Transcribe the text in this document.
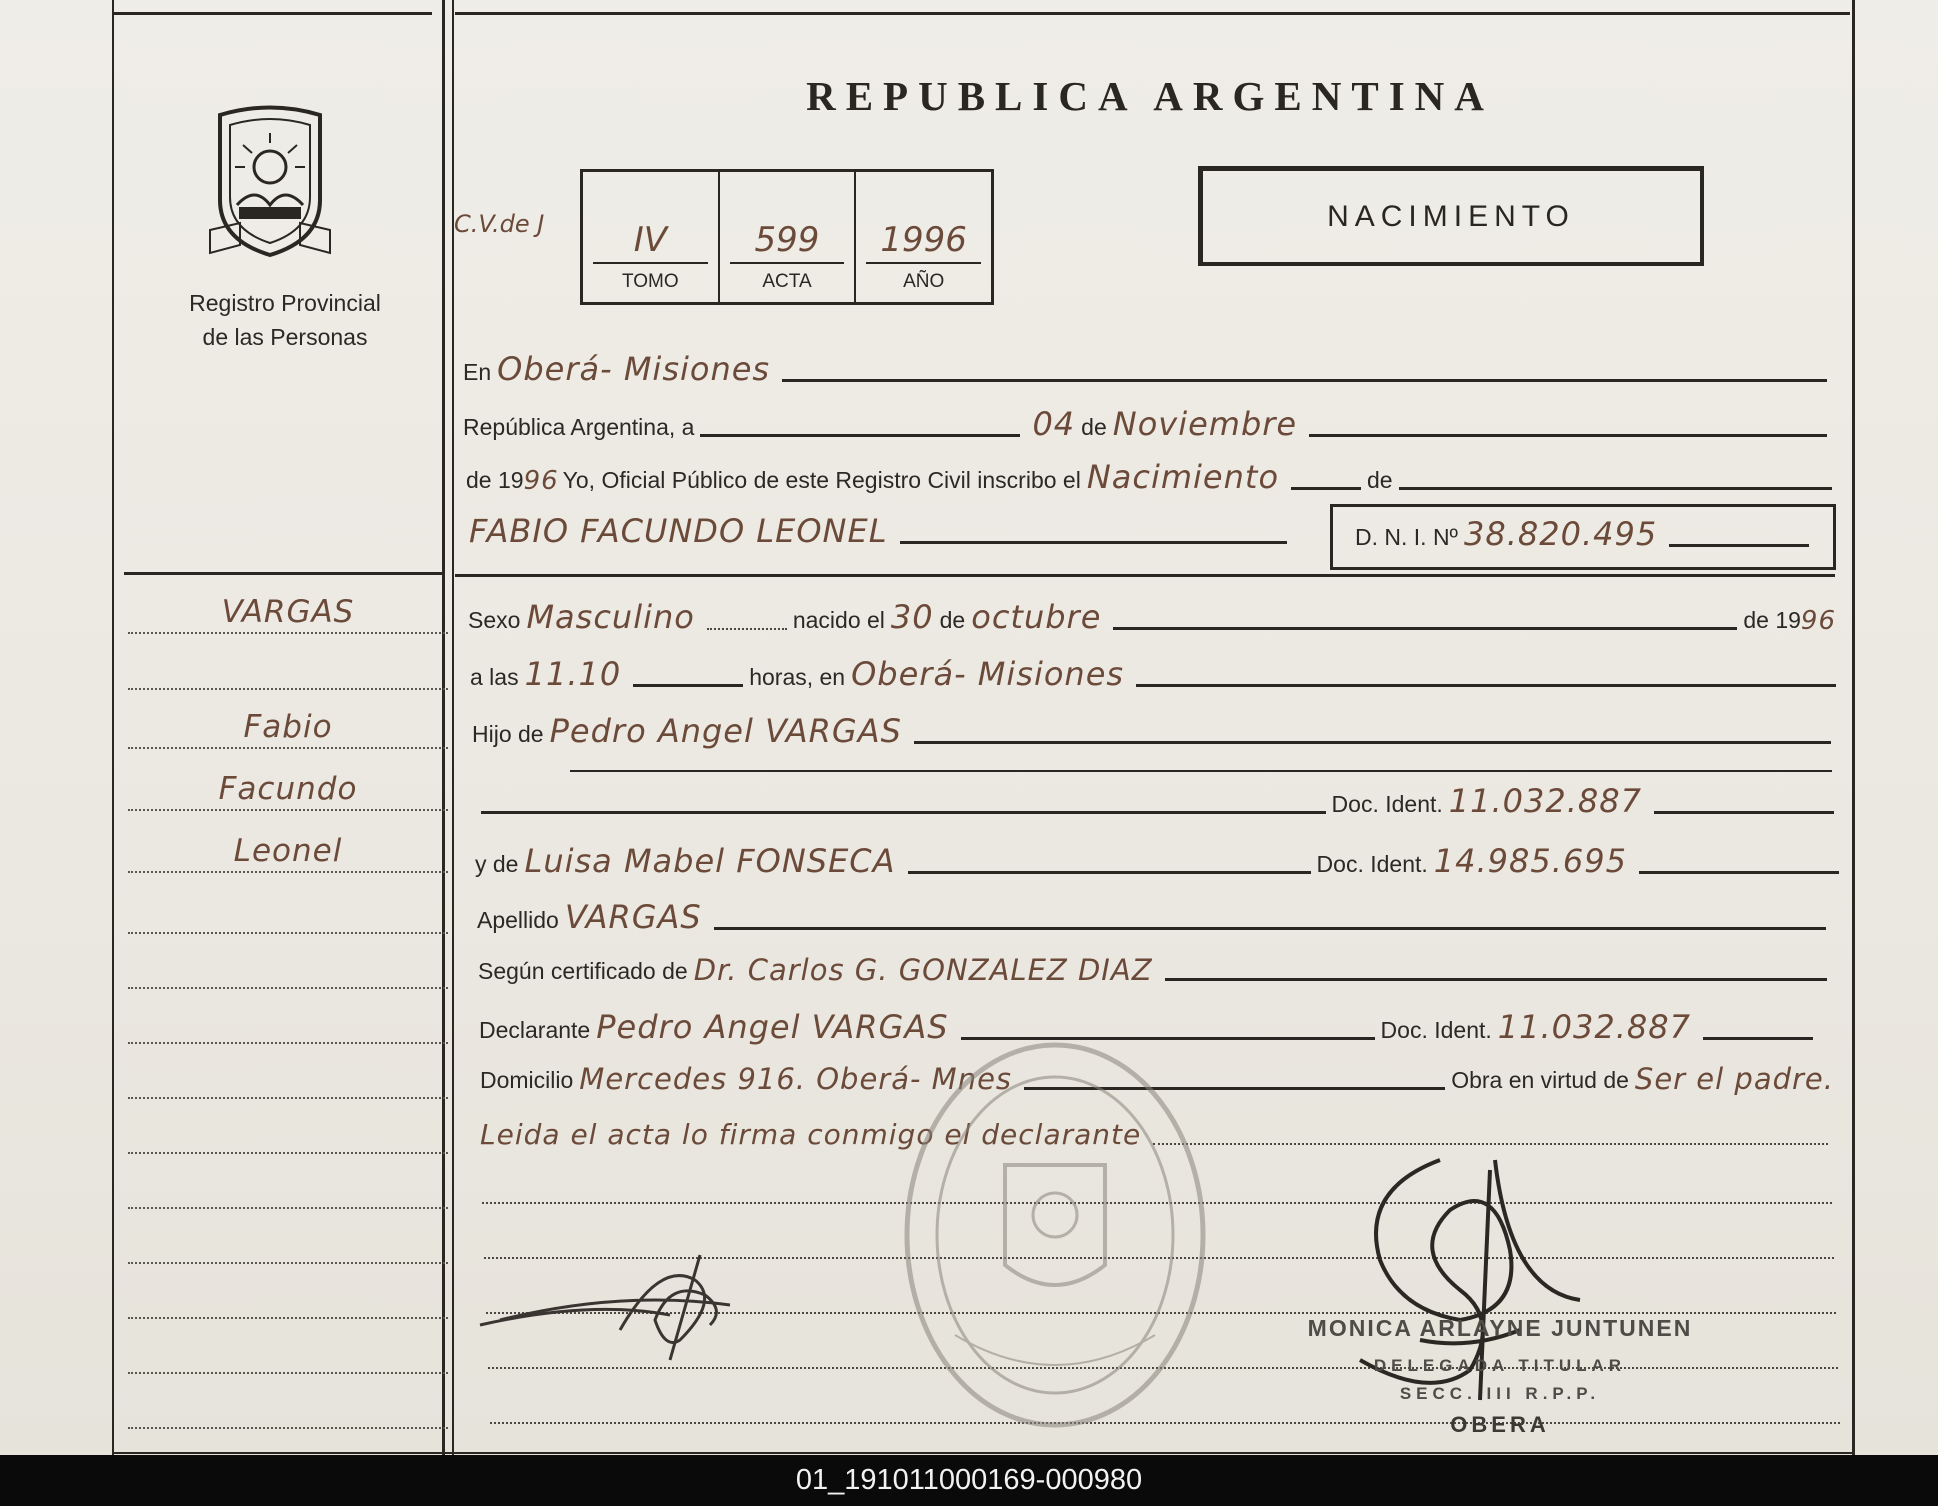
Registro Provincial
de las Personas
VARGAS
Fabio
Facundo
Leonel
REPUBLICA ARGENTINA
C.V.de J	IV
TOMO
599
ACTA
1996
AÑO
NACIMIENTO
En Oberá- Misiones
República Argentina, a	04 de Noviembre
de 19 96 Yo, Oficial Público de este Registro Civil inscribo el Nacimiento	de
FABIO FACUNDO LEONEL	D. N. I. Nº 38.820.495
Sexo Masculino	nacido el 30 de octubre	de 19 96
a las 11.10	horas, en Oberá- Misiones
Hijo de Pedro Angel VARGAS
Doc. Ident. 11.032.887
y de Luisa Mabel FONSECA	Doc. Ident. 14.985.695
Apellido VARGAS
Según certificado de Dr. Carlos G. GONZALEZ DIAZ
Declarante Pedro Angel VARGAS	Doc. Ident. 11.032.887
Domicilio Mercedes 916. Oberá- Mnes	Obra en virtud de Ser el padre.
Leida el acta lo firma conmigo el declarante
MONICA ARLAYNE JUNTUNEN
DELEGADA TITULAR
SECC. III R.P.P.
OBERA
01_191011000169-000980
